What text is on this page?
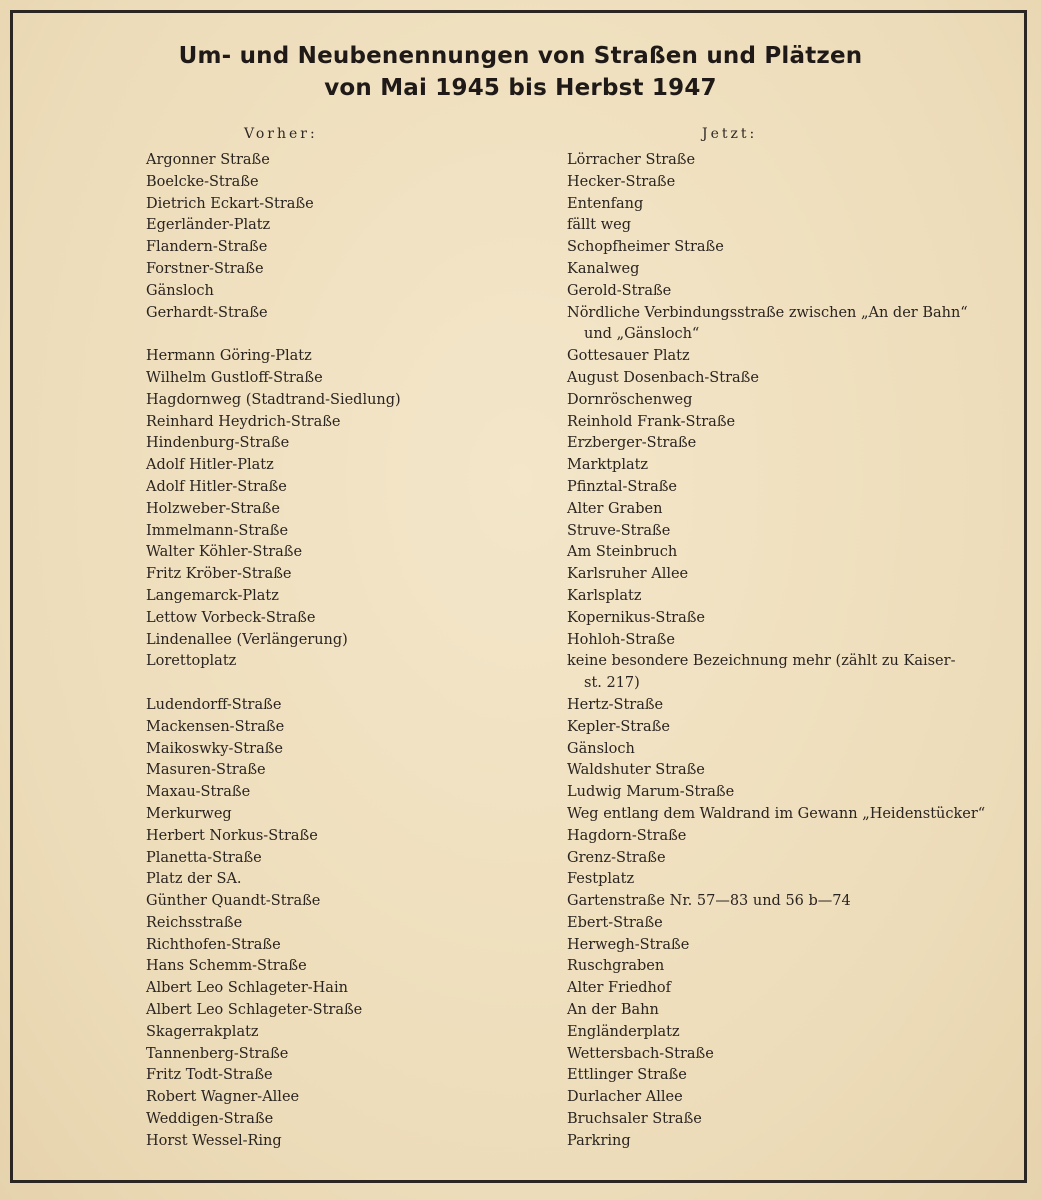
Um- und Neubenennungen von Straßen und Plätzen
von Mai 1945 bis Herbst 1947
Vorher:	Jetzt:
Argonner Straße	Lörracher Straße
Boelcke-Straße	Hecker-Straße
Dietrich Eckart-Straße	Entenfang
Egerländer-Platz	fällt weg
Flandern-Straße	Schopfheimer Straße
Forstner-Straße	Kanalweg
Gänsloch	Gerold-Straße
Gerhardt-Straße	Nördliche Verbindungsstraße zwischen „An der Bahn“
und „Gänsloch“
Hermann Göring-Platz	Gottesauer Platz
Wilhelm Gustloff-Straße	August Dosenbach-Straße
Hagdornweg (Stadtrand-Siedlung)	Dornröschenweg
Reinhard Heydrich-Straße	Reinhold Frank-Straße
Hindenburg-Straße	Erzberger-Straße
Adolf Hitler-Platz	Marktplatz
Adolf Hitler-Straße	Pfinztal-Straße
Holzweber-Straße	Alter Graben
Immelmann-Straße	Struve-Straße
Walter Köhler-Straße	Am Steinbruch
Fritz Kröber-Straße	Karlsruher Allee
Langemarck-Platz	Karlsplatz
Lettow Vorbeck-Straße	Kopernikus-Straße
Lindenallee (Verlängerung)	Hohloh-Straße
Lorettoplatz	keine besondere Bezeichnung mehr (zählt zu Kaiser-
st. 217)
Ludendorff-Straße	Hertz-Straße
Mackensen-Straße	Kepler-Straße
Maikoswky-Straße	Gänsloch
Masuren-Straße	Waldshuter Straße
Maxau-Straße	Ludwig Marum-Straße
Merkurweg	Weg entlang dem Waldrand im Gewann „Heidenstücker“
Herbert Norkus-Straße	Hagdorn-Straße
Planetta-Straße	Grenz-Straße
Platz der SA.	Festplatz
Günther Quandt-Straße	Gartenstraße Nr. 57—83 und 56 b—74
Reichsstraße	Ebert-Straße
Richthofen-Straße	Herwegh-Straße
Hans Schemm-Straße	Ruschgraben
Albert Leo Schlageter-Hain	Alter Friedhof
Albert Leo Schlageter-Straße	An der Bahn
Skagerrakplatz	Engländerplatz
Tannenberg-Straße	Wettersbach-Straße
Fritz Todt-Straße	Ettlinger Straße
Robert Wagner-Allee	Durlacher Allee
Weddigen-Straße	Bruchsaler Straße
Horst Wessel-Ring	Parkring
